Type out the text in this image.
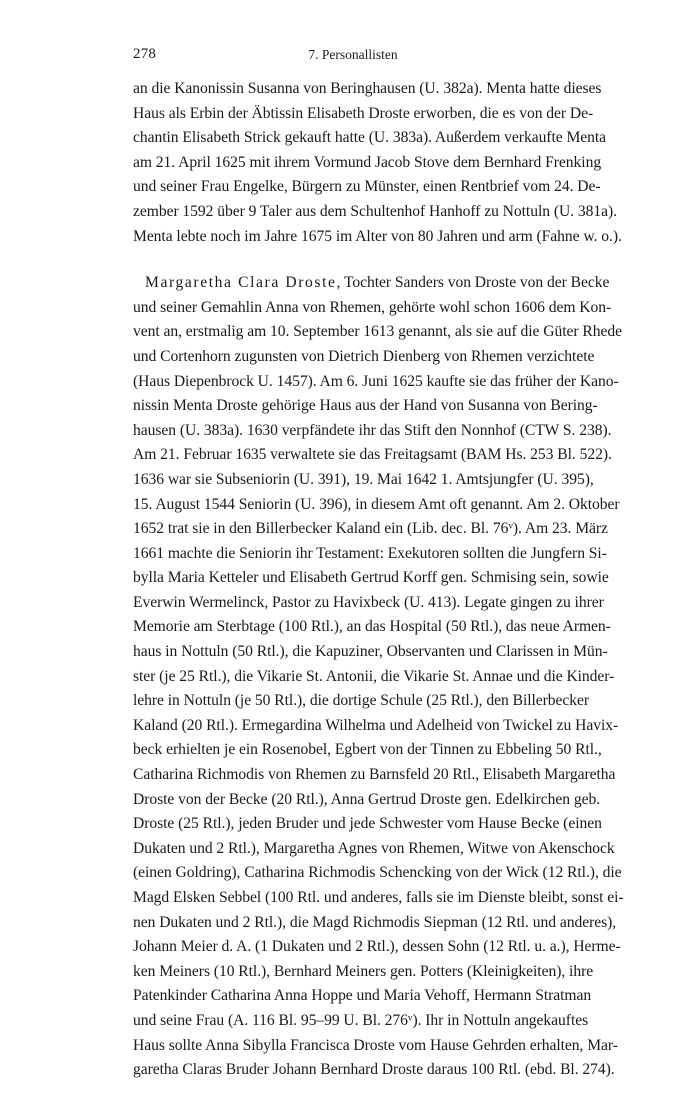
278	7. Personallisten
an die Kanonissin Susanna von Beringhausen (U. 382a). Menta hatte dieses
Haus als Erbin der Äbtissin Elisabeth Droste erworben, die es von der De-
chantin Elisabeth Strick gekauft hatte (U. 383a). Außerdem verkaufte Menta
am 21. April 1625 mit ihrem Vormund Jacob Stove dem Bernhard Frenking
und seiner Frau Engelke, Bürgern zu Münster, einen Rentbrief vom 24. De-
zember 1592 über 9 Taler aus dem Schultenhof Hanhoff zu Nottuln (U. 381a).
Menta lebte noch im Jahre 1675 im Alter von 80 Jahren und arm (Fahne w. o.).
Margaretha Clara Droste, Tochter Sanders von Droste von der Becke
und seiner Gemahlin Anna von Rhemen, gehörte wohl schon 1606 dem Kon-
vent an, erstmalig am 10. September 1613 genannt, als sie auf die Güter Rhede
und Cortenhorn zugunsten von Dietrich Dienberg von Rhemen verzichtete
(Haus Diepenbrock U. 1457). Am 6. Juni 1625 kaufte sie das früher der Kano-
nissin Menta Droste gehörige Haus aus der Hand von Susanna von Bering-
hausen (U. 383a). 1630 verpfändete ihr das Stift den Nonnhof (CTW S. 238).
Am 21. Februar 1635 verwaltete sie das Freitagsamt (BAM Hs. 253 Bl. 522).
1636 war sie Subseniorin (U. 391), 19. Mai 1642 1. Amtsjungfer (U. 395),
15. August 1544 Seniorin (U. 396), in diesem Amt oft genannt. Am 2. Oktober
1652 trat sie in den Billerbecker Kaland ein (Lib. dec. Bl. 76ᵛ). Am 23. März
1661 machte die Seniorin ihr Testament: Exekutoren sollten die Jungfern Si-
bylla Maria Ketteler und Elisabeth Gertrud Korff gen. Schmising sein, sowie
Everwin Wermelinck, Pastor zu Havixbeck (U. 413). Legate gingen zu ihrer
Memorie am Sterbtage (100 Rtl.), an das Hospital (50 Rtl.), das neue Armen-
haus in Nottuln (50 Rtl.), die Kapuziner, Observanten und Clarissen in Mün-
ster (je 25 Rtl.), die Vikarie St. Antonii, die Vikarie St. Annae und die Kinder-
lehre in Nottuln (je 50 Rtl.), die dortige Schule (25 Rtl.), den Billerbecker
Kaland (20 Rtl.). Ermegardina Wilhelma und Adelheid von Twickel zu Havix-
beck erhielten je ein Rosenobel, Egbert von der Tinnen zu Ebbeling 50 Rtl.,
Catharina Richmodis von Rhemen zu Barnsfeld 20 Rtl., Elisabeth Margaretha
Droste von der Becke (20 Rtl.), Anna Gertrud Droste gen. Edelkirchen geb.
Droste (25 Rtl.), jeden Bruder und jede Schwester vom Hause Becke (einen
Dukaten und 2 Rtl.), Margaretha Agnes von Rhemen, Witwe von Akenschock
(einen Goldring), Catharina Richmodis Schencking von der Wick (12 Rtl.), die
Magd Elsken Sebbel (100 Rtl. und anderes, falls sie im Dienste bleibt, sonst ei-
nen Dukaten und 2 Rtl.), die Magd Richmodis Siepman (12 Rtl. und anderes),
Johann Meier d. A. (1 Dukaten und 2 Rtl.), dessen Sohn (12 Rtl. u. a.), Herme-
ken Meiners (10 Rtl.), Bernhard Meiners gen. Potters (Kleinigkeiten), ihre
Patenkinder Catharina Anna Hoppe und Maria Vehoff, Hermann Stratman
und seine Frau (A. 116 Bl. 95–99 U. Bl. 276ᵛ). Ihr in Nottuln angekauftes
Haus sollte Anna Sibylla Francisca Droste vom Hause Gehrden erhalten, Mar-
garetha Claras Bruder Johann Bernhard Droste daraus 100 Rtl. (ebd. Bl. 274).
